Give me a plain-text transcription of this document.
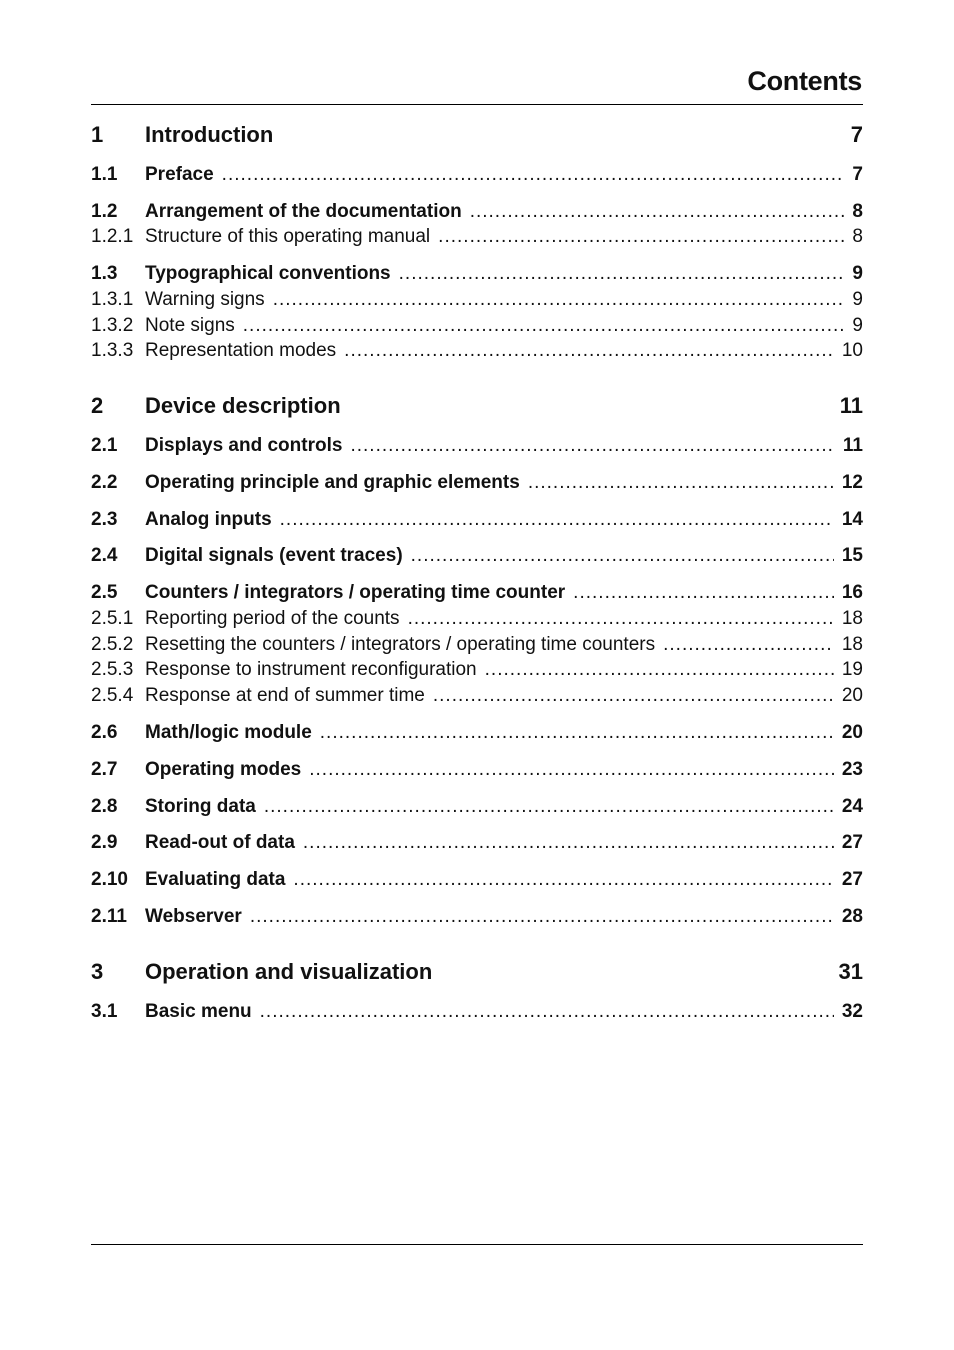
Contents
1	Introduction	7
1.1	Preface .....	7
1.2	Arrangement of the documentation .....	8
1.2.1 Structure of this operating manual .....	8
1.3	Typographical conventions .....	9
1.3.1 Warning signs .....	9
1.3.2 Note signs .....	9
1.3.3 Representation modes .....	10
2	Device description	11
2.1	Displays and controls .....	11
2.2	Operating principle and graphic elements .....	12
2.3	Analog inputs .....	14
2.4	Digital signals (event traces) .....	15
2.5	Counters / integrators / operating time counter .....	16
2.5.1 Reporting period of the counts .....	18
2.5.2 Resetting the counters / integrators / operating time counters .....	18
2.5.3 Response to instrument reconfiguration .....	19
2.5.4 Response at end of summer time .....	20
2.6	Math/logic module .....	20
2.7	Operating modes .....	23
2.8	Storing data .....	24
2.9	Read-out of data .....	27
2.10 Evaluating data .....	27
2.11 Webserver .....	28
3	Operation and visualization	31
3.1	Basic menu .....	32
